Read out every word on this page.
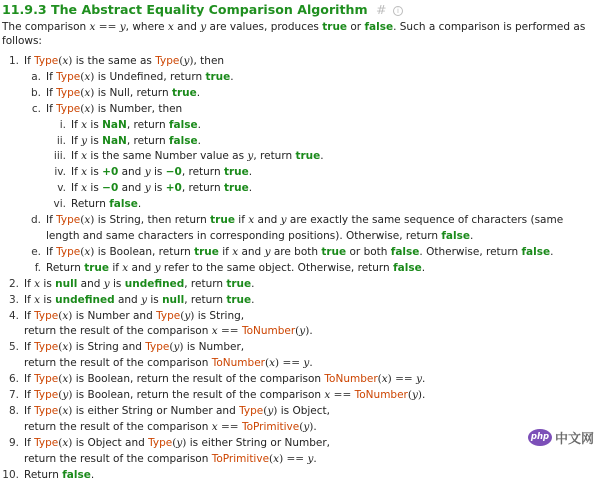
11.9.3 The Abstract Equality Comparison Algorithm # i

The comparison x == y, where x and y are values, produces true or false. Such a comparison is performed as follows:

1. If Type(x) is the same as Type(y), then
a. If Type(x) is Undefined, return true.
b. If Type(x) is Null, return true.
c. If Type(x) is Number, then
i. If x is NaN, return false.
ii. If y is NaN, return false.
iii. If x is the same Number value as y, return true.
iv. If x is +0 and y is −0, return true.
v. If x is −0 and y is +0, return true.
vi. Return false.
d. If Type(x) is String, then return true if x and y are exactly the same sequence of characters (same length and same characters in corresponding positions). Otherwise, return false.
e. If Type(x) is Boolean, return true if x and y are both true or both false. Otherwise, return false.
f. Return true if x and y refer to the same object. Otherwise, return false.
2. If x is null and y is undefined, return true.
3. If x is undefined and y is null, return true.
4. If Type(x) is Number and Type(y) is String,
return the result of the comparison x == ToNumber(y).
5. If Type(x) is String and Type(y) is Number,
return the result of the comparison ToNumber(x) == y.
6. If Type(x) is Boolean, return the result of the comparison ToNumber(x) == y.
7. If Type(y) is Boolean, return the result of the comparison x == ToNumber(y).
8. If Type(x) is either String or Number and Type(y) is Object,
return the result of the comparison x == ToPrimitive(y).
9. If Type(x) is Object and Type(y) is either String or Number,
return the result of the comparison ToPrimitive(x) == y.
10. Return false.
php 中文网
